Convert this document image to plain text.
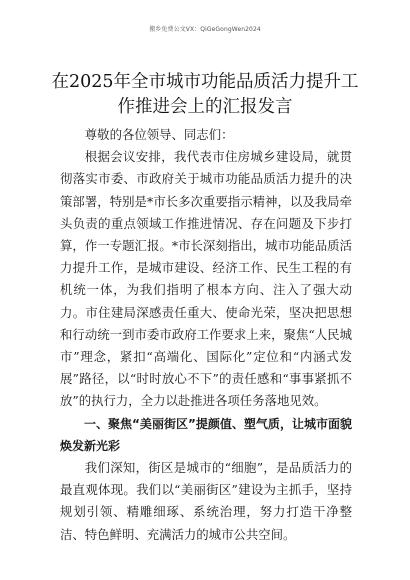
搬乡免费公文VX：QiGeGongWen2024
在2025年全市城市功能品质活力提升工作推进会上的汇报发言

尊敬的各位领导、同志们：

根据会议安排，我代表市住房城乡建设局，就贯彻落实市委、市政府关于城市功能品质活力提升的决策部署，特别是*市长多次重要指示精神，以及我局牵头负责的重点领域工作推进情况、存在问题及下步打算，作一专题汇报。*市长深刻指出，城市功能品质活力提升工作，是城市建设、经济工作、民生工程的有机统一体，为我们指明了根本方向、注入了强大动力。市住建局深感责任重大、使命光荣，坚决把思想和行动统一到市委市政府工作要求上来，聚焦“人民城市”理念，紧扣“高端化、国际化”定位和“内涵式发展”路径，以“时时放心不下”的责任感和“事事紧抓不放”的执行力，全力以赴推进各项任务落地见效。

一、聚焦“美丽街区”提颜值、塑气质，让城市面貌焕发新光彩

我们深知，街区是城市的“细胞”，是品质活力的最直观体现。我们以“美丽街区”建设为主抓手，坚持规划引领、精雕细琢、系统治理，努力打造干净整洁、特色鲜明、充满活力的城市公共空间。
